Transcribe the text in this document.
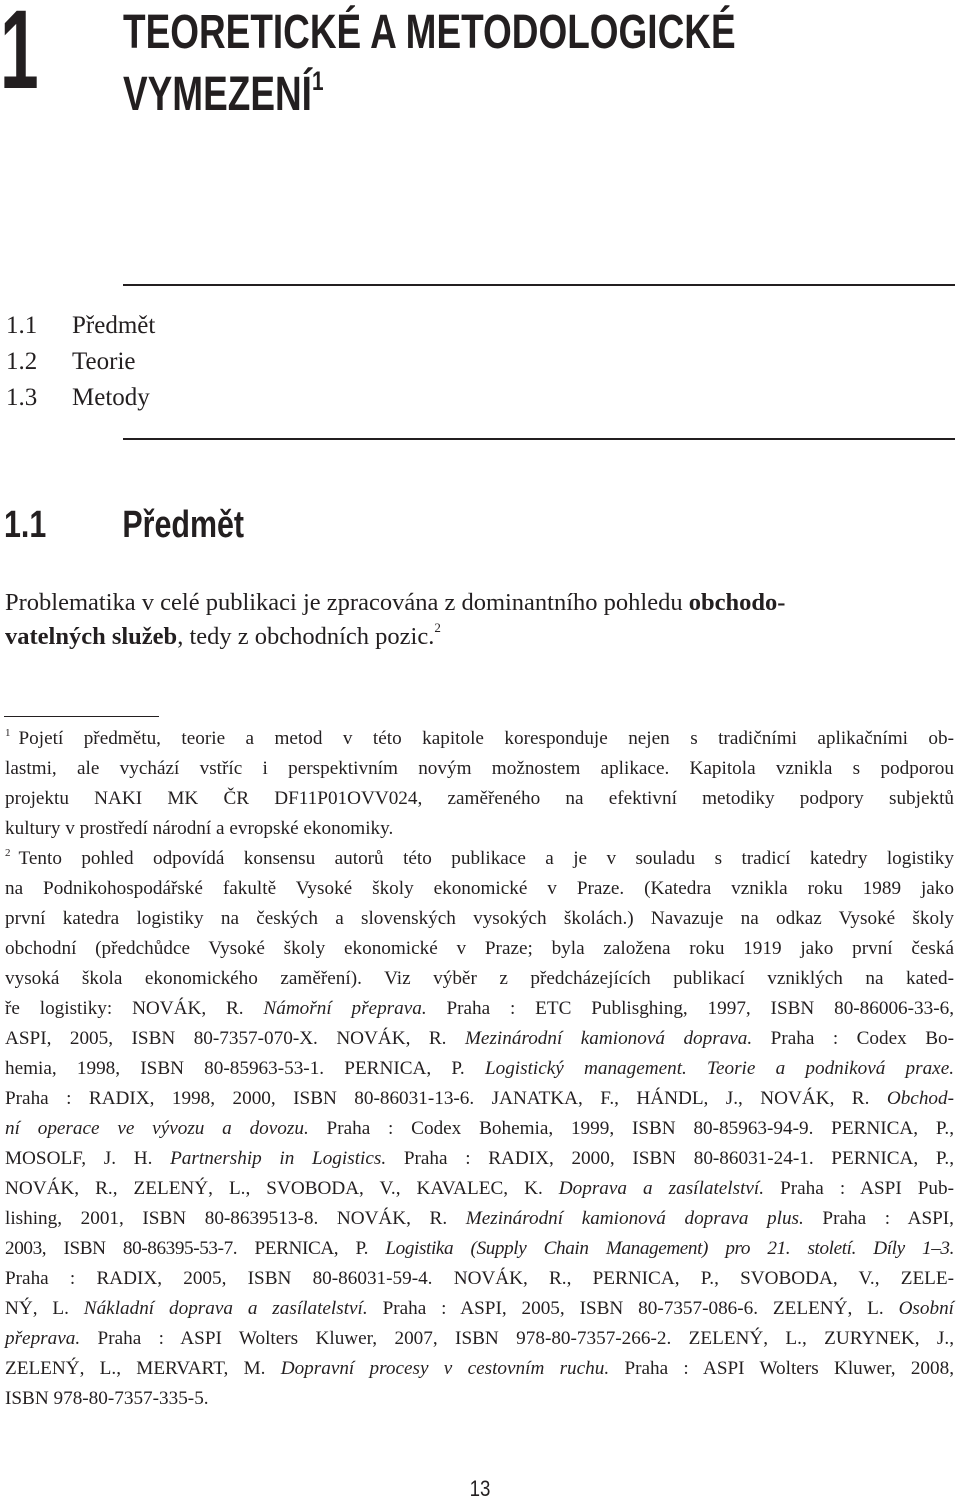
1 TEORETICKÉ A METODOLOGICKÉ
VYMEZENÍ$^1$
1.1	Předmět
1.2	Teorie
1.3	Metody
1.1 Předmět

Problematika v celé publikaci je zpracována z dominantního pohledu obchodo-

vatelných služeb, tedy z obchodních pozic.$^2$

$^1$ Pojetí předmětu, teorie a metod v této kapitole koresponduje nejen s tradičními aplikačními ob-
lastmi, ale vychází vstříc i perspektivním novým možnostem aplikace. Kapitola vznikla s podporou
projektu NAKI MK ČR DF11P01OVV024, zaměřeného na efektivní metodiky podpory subjektů
kultury v prostředí národní a evropské ekonomiky.
$^2$ Tento pohled odpovídá konsensu autorů této publikace a je v souladu s tradicí katedry logistiky
na Podnikohospodářské fakultě Vysoké školy ekonomické v Praze. (Katedra vznikla roku 1989 jako
první katedra logistiky na českých a slovenských vysokých školách.) Navazuje na odkaz Vysoké školy
obchodní (předchůdce Vysoké školy ekonomické v Praze; byla založena roku 1919 jako první česká
vysoká škola ekonomického zaměření). Viz výběr z předcházejících publikací vzniklých na kated-
ře logistiky: NOVÁK, R. Námořní přeprava. Praha : ETC Publisghing, 1997, ISBN 80-86006-33-6,
ASPI, 2005, ISBN 80-7357-070-X. NOVÁK, R. Mezinárodní kamionová doprava. Praha : Codex Bo-
hemia, 1998, ISBN 80-85963-53-1. PERNICA, P. Logistický management. Teorie a podniková praxe.
Praha : RADIX, 1998, 2000, ISBN 80-86031-13-6. JANATKA, F., HÁNDL, J., NOVÁK, R. Obchod-
ní operace ve vývozu a dovozu. Praha : Codex Bohemia, 1999, ISBN 80-85963-94-9. PERNICA, P.,
MOSOLF, J. H. Partnership in Logistics. Praha : RADIX, 2000, ISBN 80-86031-24-1. PERNICA, P.,
NOVÁK, R., ZELENÝ, L., SVOBODA, V., KAVALEC, K. Doprava a zasílatelství. Praha : ASPI Pub-
lishing, 2001, ISBN 80-8639513-8. NOVÁK, R. Mezinárodní kamionová doprava plus. Praha : ASPI,
2003, ISBN 80-86395-53-7. PERNICA, P. Logistika (Supply Chain Management) pro 21. století. Díly 1–3.
Praha : RADIX, 2005, ISBN 80-86031-59-4. NOVÁK, R., PERNICA, P., SVOBODA, V., ZELE-
NÝ, L. Nákladní doprava a zasílatelství. Praha : ASPI, 2005, ISBN 80-7357-086-6. ZELENÝ, L. Osobní
přeprava. Praha : ASPI Wolters Kluwer, 2007, ISBN 978-80-7357-266-2. ZELENÝ, L., ZURYNEK, J.,
ZELENÝ, L., MERVART, M. Dopravní procesy v cestovním ruchu. Praha : ASPI Wolters Kluwer, 2008,
ISBN 978-80-7357-335-5.
13
